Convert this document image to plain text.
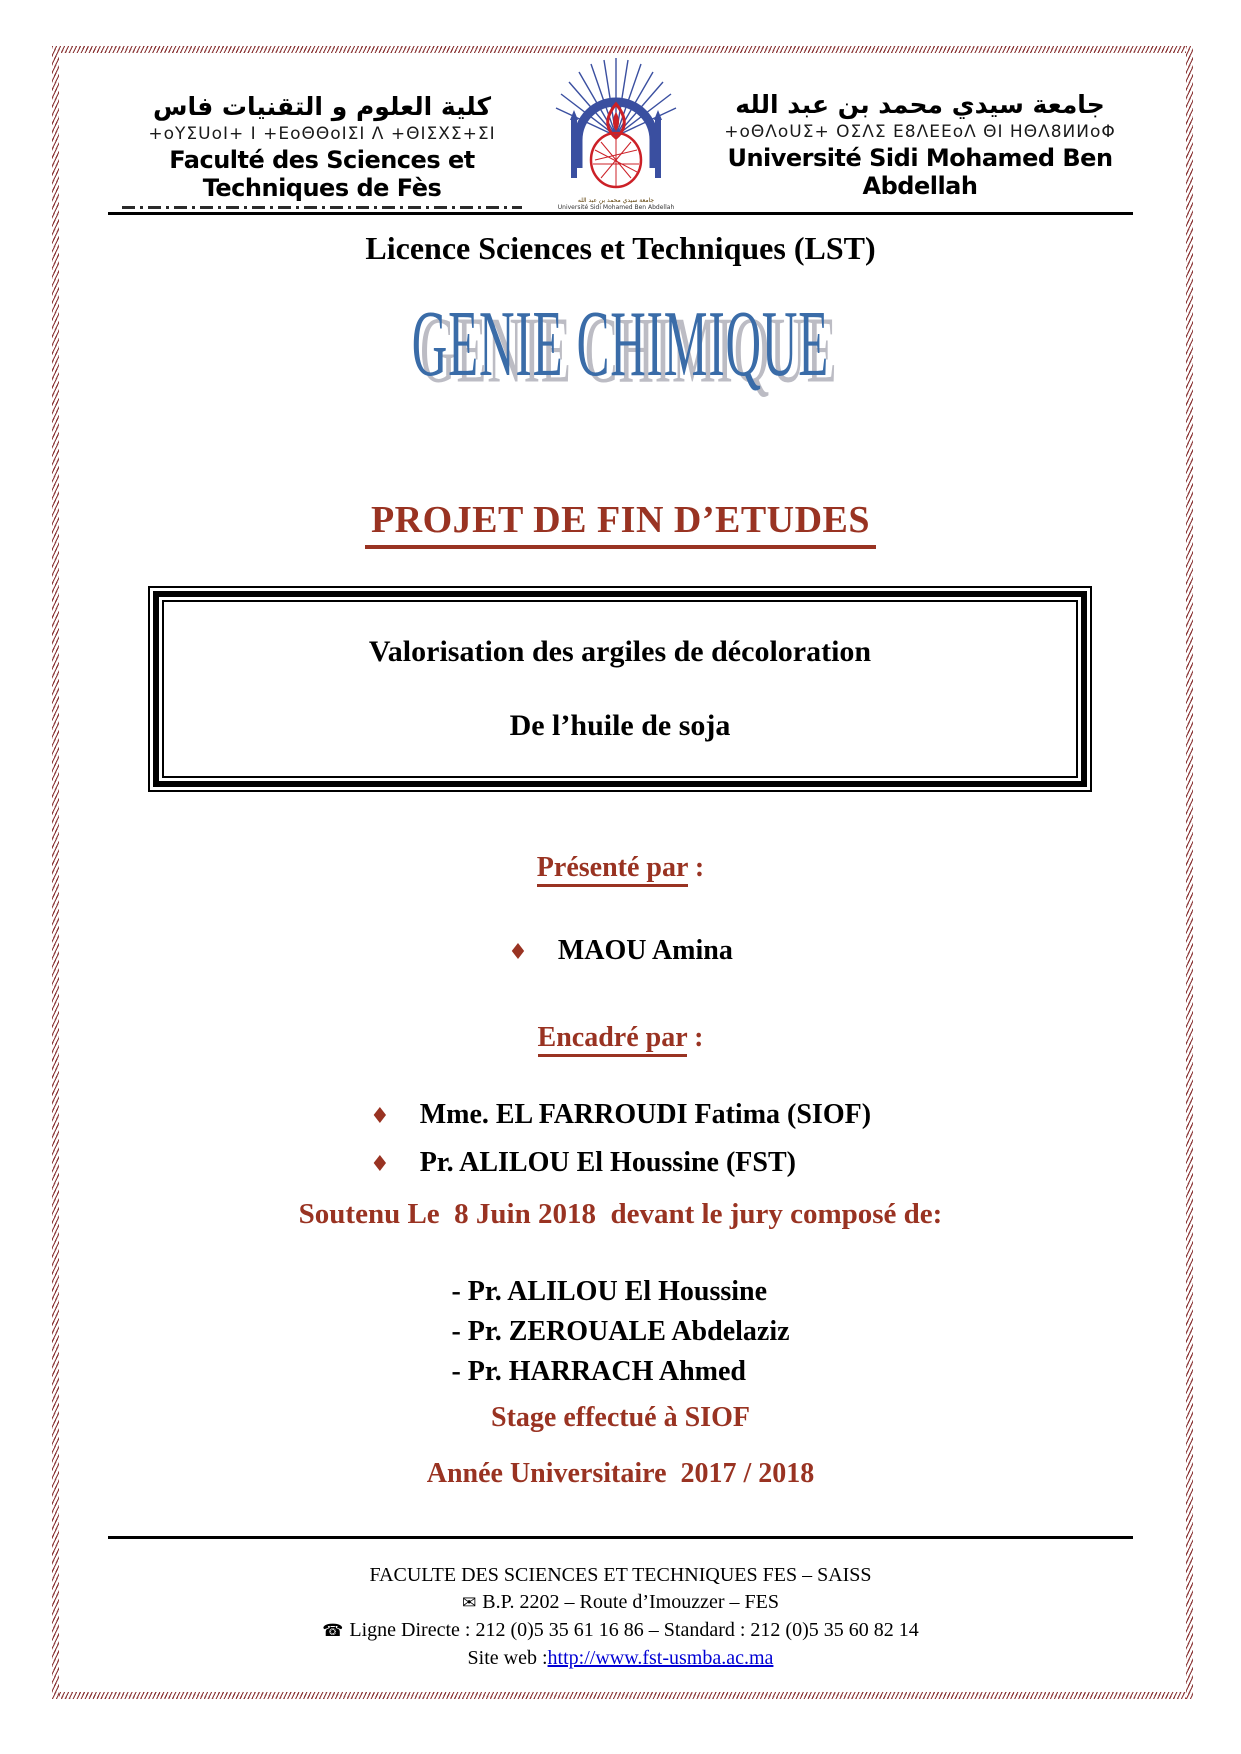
كلية العلوم و التقنيات فاس
+oYΣUoI+ I +ΕoΘΘoIΣI Λ +ΘIΣXΣ+ΣI
Faculté des Sciences et Techniques de Fès	جامعة سيدي محمد بن عبد الله
Université Sidi Mohamed Ben Abdellah
جامعة سيدي محمد بن عبد الله
+oΘΛoUΣ+ OΣΛΣ Ε8ΛΕΕoΛ ΘΙ ΗΘΛ8ИИoΦ
Université Sidi Mohamed Ben Abdellah
Licence Sciences et Techniques (LST)
GENIE CHIMIQUE
PROJET DE FIN D’ETUDES
Valorisation des argiles de décoloration
De l’huile de soja
Présenté par :
♦ MAOU Amina
Encadré par :
♦ Mme. EL FARROUDI Fatima (SIOF)
♦ Pr. ALILOU El Houssine (FST)
Soutenu Le  8 Juin 2018  devant le jury composé de:
- Pr. ALILOU El Houssine
- Pr. ZEROUALE Abdelaziz
- Pr. HARRACH Ahmed
Stage effectué à SIOF
Année Universitaire  2017 / 2018
FACULTE DES SCIENCES ET TECHNIQUES FES – SAISS
✉ B.P. 2202 – Route d’Imouzzer – FES
☎ Ligne Directe : 212 (0)5 35 61 16 86 – Standard : 212 (0)5 35 60 82 14
Site web :http://www.fst-usmba.ac.ma
